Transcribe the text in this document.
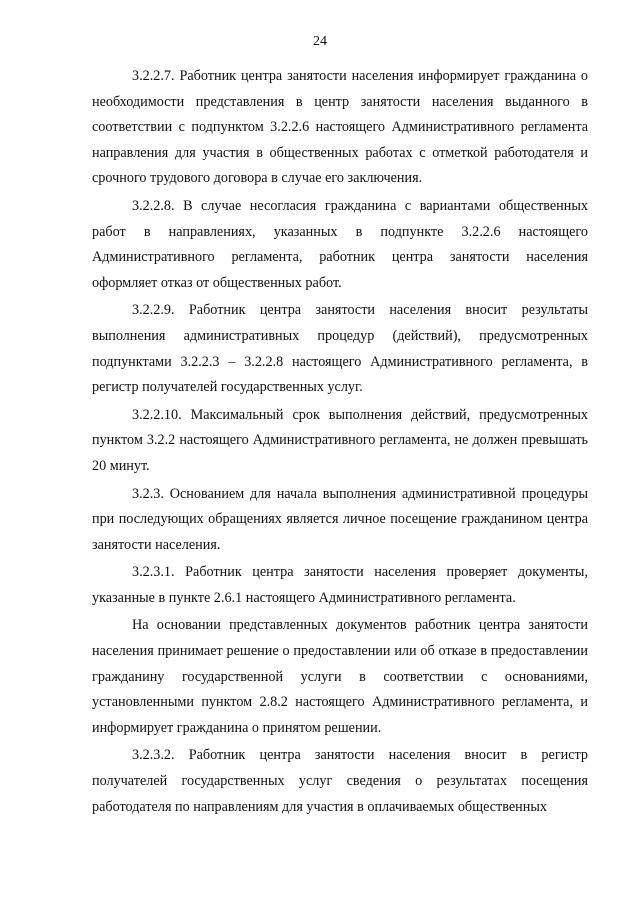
24

3.2.2.7. Работник центра занятости населения информирует гражданина о необходимости представления в центр занятости населения выданного в соответствии с подпунктом 3.2.2.6 настоящего Административного регламента направления для участия в общественных работах с отметкой работодателя и срочного трудового договора в случае его заключения.

3.2.2.8. В случае несогласия гражданина с вариантами общественных работ в направлениях, указанных в подпункте 3.2.2.6 настоящего Административного регламента, работник центра занятости населения оформляет отказ от общественных работ.

3.2.2.9. Работник центра занятости населения вносит результаты выполнения административных процедур (действий), предусмотренных подпунктами 3.2.2.3 – 3.2.2.8 настоящего Административного регламента, в регистр получателей государственных услуг.

3.2.2.10. Максимальный срок выполнения действий, предусмотренных пунктом 3.2.2 настоящего Административного регламента, не должен превышать 20 минут.

3.2.3. Основанием для начала выполнения административной процедуры при последующих обращениях является личное посещение гражданином центра занятости населения.

3.2.3.1. Работник центра занятости населения проверяет документы, указанные в пункте 2.6.1 настоящего Административного регламента.

На основании представленных документов работник центра занятости населения принимает решение о предоставлении или об отказе в предоставлении гражданину государственной услуги в соответствии с основаниями, установленными пунктом 2.8.2 настоящего Административного регламента, и информирует гражданина о принятом решении.

3.2.3.2. Работник центра занятости населения вносит в регистр получателей государственных услуг сведения о результатах посещения работодателя по направлениям для участия в оплачиваемых общественных
